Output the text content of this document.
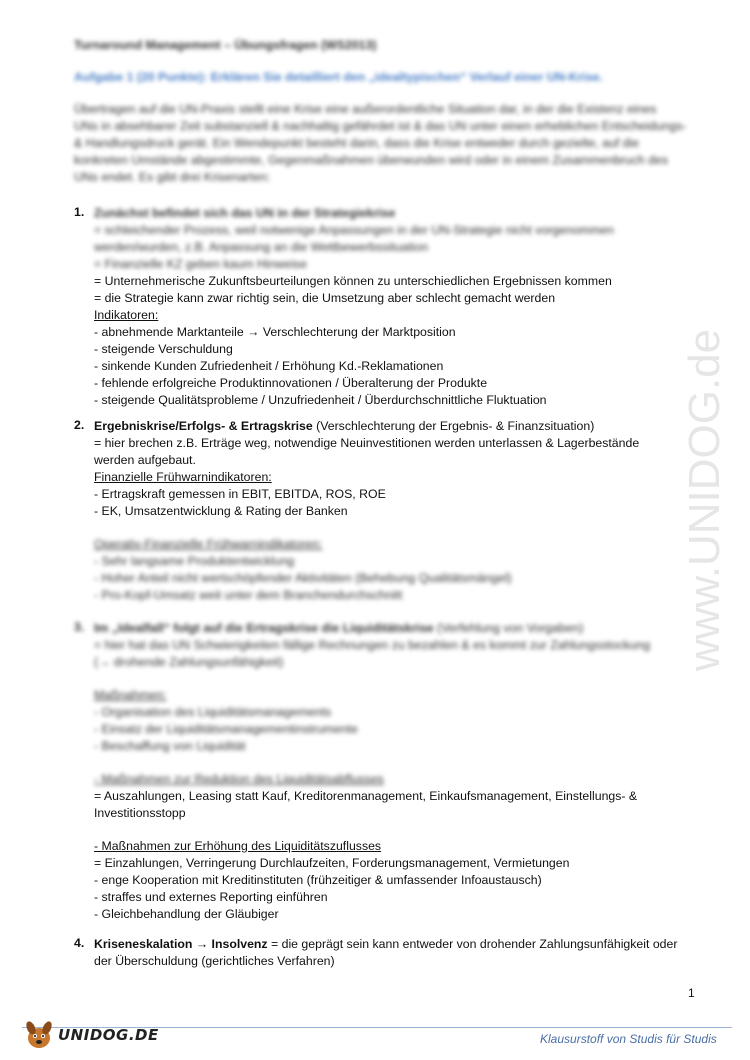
www.UNIDOG.de
Turnaround Management – Übungsfragen (WS2013)
Aufgabe 1 (20 Punkte): Erklären Sie detailliert den „idealtypischen“ Verlauf einer UN-Krise.
Übertragen auf die UN-Praxis stellt eine Krise eine außerordentliche Situation dar, in der die Existenz eines
UNs in absehbarer Zeit substanziell & nachhaltig gefährdet ist & das UN unter einen erheblichen Entscheidungs-
& Handlungsdruck gerät. Ein Wendepunkt besteht darin, dass die Krise entweder durch gezielte, auf die
konkreten Umstände abgestimmte, Gegenmaßnahmen überwunden wird oder in einem Zusammenbruch des
UNs endet. Es gibt drei Krisenarten:
1. Zunächst befindet sich das UN in der Strategiekrise
= schleichender Prozess, weil notwenige Anpassungen in der UN-Strategie nicht vorgenommen
werden/wurden, z.B. Anpassung an die Wettbewerbssituation
= Finanzielle KZ geben kaum Hinweise
= Unternehmerische Zukunftsbeurteilungen können zu unterschiedlichen Ergebnissen kommen
= die Strategie kann zwar richtig sein, die Umsetzung aber schlecht gemacht werden
Indikatoren:
- abnehmende Marktanteile → Verschlechterung der Marktposition
- steigende Verschuldung
- sinkende Kunden Zufriedenheit / Erhöhung Kd.-Reklamationen
- fehlende erfolgreiche Produktinnovationen / Überalterung der Produkte
- steigende Qualitätsprobleme / Unzufriedenheit / Überdurchschnittliche Fluktuation
2. Ergebniskrise/Erfolgs- & Ertragskrise (Verschlechterung der Ergebnis- & Finanzsituation)
= hier brechen z.B. Erträge weg, notwendige Neuinvestitionen werden unterlassen & Lagerbestände
werden aufgebaut.
Finanzielle Frühwarnindikatoren:
- Ertragskraft gemessen in EBIT, EBITDA, ROS, ROE
- EK, Umsatzentwicklung & Rating der Banken
Operativ-Finanzielle Frühwarnindikatoren:
- Sehr langsame Produktentwicklung
- Hoher Anteil nicht wertschöpfender Aktivitäten (Behebung Qualitätsmängel)
- Pro-Kopf-Umsatz weit unter dem Branchendurchschnitt
3. Im „Idealfall“ folgt auf die Ertragskrise die Liquiditätskrise (Verfehlung von Vorgaben)
= hier hat das UN Schwierigkeiten fällige Rechnungen zu bezahlen & es kommt zur Zahlungsstockung
(→ drohende Zahlungsunfähigkeit)
Maßnahmen:
- Organisation des Liquiditätsmanagements
- Einsatz der Liquiditätsmanagementinstrumente
- Beschaffung von Liquidität
- Maßnahmen zur Reduktion des Liquiditätsabflusses
= Auszahlungen, Leasing statt Kauf, Kreditorenmanagement, Einkaufsmanagement, Einstellungs- &
Investitionsstopp
- Maßnahmen zur Erhöhung des Liquiditätszuflusses
= Einzahlungen, Verringerung Durchlaufzeiten, Forderungsmanagement, Vermietungen
- enge Kooperation mit Kreditinstituten (frühzeitiger & umfassender Infoaustausch)
- straffes und externes Reporting einführen
- Gleichbehandlung der Gläubiger
4. Kriseneskalation → Insolvenz = die geprägt sein kann entweder von drohender Zahlungsunfähigkeit oder
der Überschuldung (gerichtliches Verfahren)
1
UNIDOG.DE	Klausurstoff von Studis für Studis
